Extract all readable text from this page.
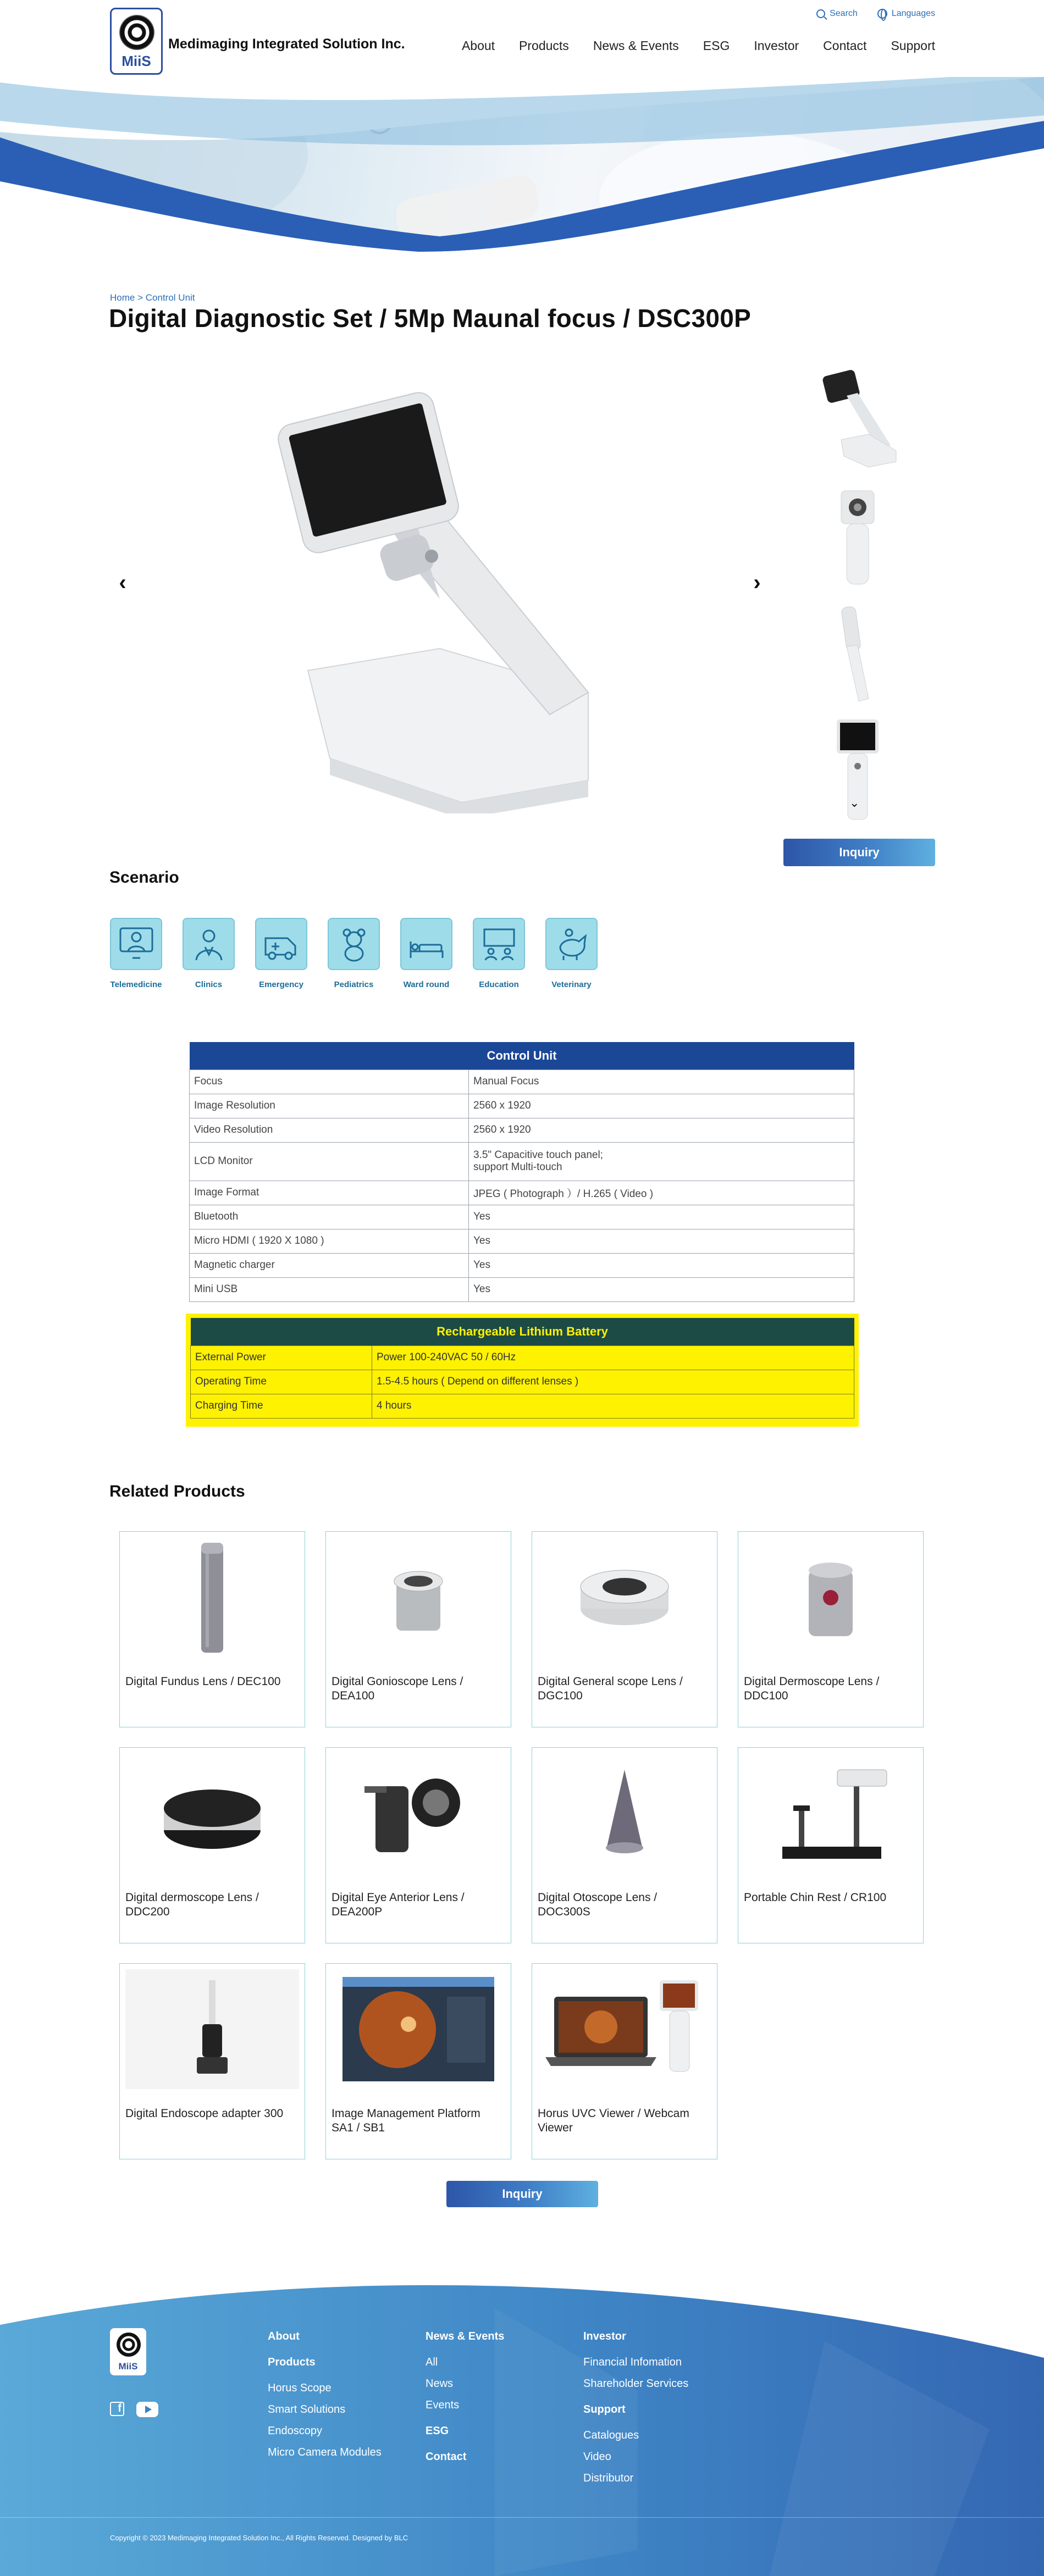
MiiS
Medimaging Integrated Solution Inc.
Search	Languages
About Products News & Events ESG Investor Contact Support
Home > Control Unit
Digital Diagnostic Set / 5Mp Maunal focus / DSC300P
‹	›

⌄
Inquiry
Scenario
Telemedicine	Clinics	Emergency	Pediatrics	Ward round	Education	Veterinary
Control Unit	
Focus	Manual Focus
Image Resolution	2560 x 1920
Video Resolution	2560 x 1920
LCD Monitor	3.5" Capacitive touch panel;
support Multi-touch

Image Format	JPEG ( Photograph ）/ H.265 ( Video )
Bluetooth	Yes
Micro HDMI ( 1920 X 1080 )	Yes
Magnetic charger	Yes
Mini USB	Yes
Rechargeable Lithium Battery	
External Power	Power 100-240VAC 50 / 60Hz
Operating Time	1.5-4.5 hours ( Depend on different lenses )
Charging Time	4 hours
Related Products
Digital Fundus Lens / DEC100	Digital Gonioscope Lens / DEA100
Digital General scope Lens / DGC100
Digital Dermoscope Lens / DDC100
Digital dermoscope Lens / DDC200
Digital Eye Anterior Lens / DEA200P
Digital Otoscope Lens / DOC300S
Portable Chin Rest / CR100
Digital Endoscope adapter 300	Image Management Platform SA1 / SB1
Horus UVC Viewer / Webcam Viewer
Inquiry
MiiS
f
About
Products
Horus Scope
Smart Solutions
Endoscopy
Micro Camera Modules
News & Events
All
News
Events
ESG
Contact
Investor
Financial Infomation
Shareholder Services
Support
Catalogues
Video
Distributor
Copyright © 2023 Medimaging Integrated Solution Inc., All Rights Reserved. Designed by BLC
